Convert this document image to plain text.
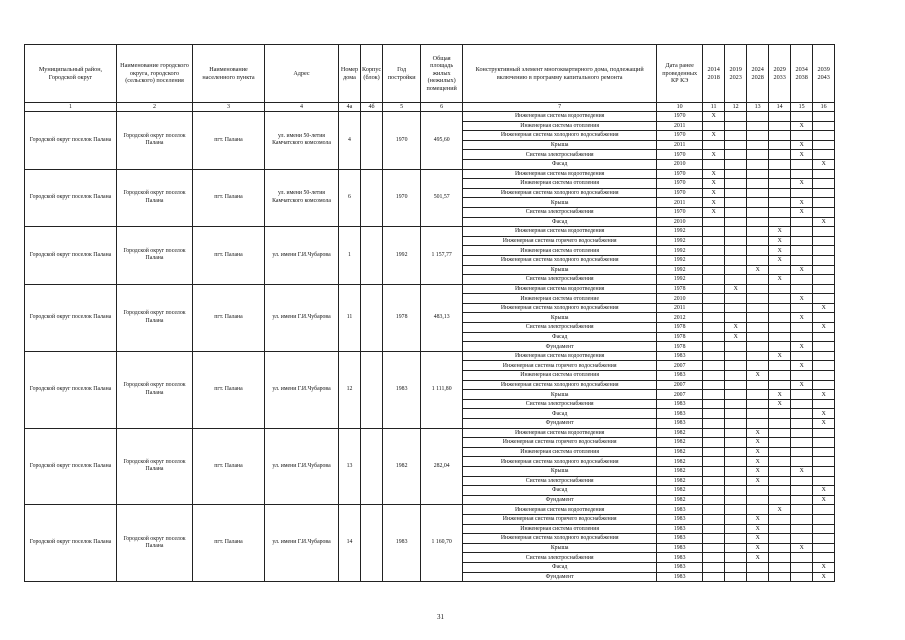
Муниципальный район, Городской округ	Наименование городского округа, городского (сельского) поселения	Наименование населенного пункта	Адрес	Номер дома	Корпус (блок)	Год постройки	Общая площадь жилых (нежилых) помещений	Конструктивный элемент многоквартирного дома, подлежащий включению в программу капитального ремонта	Дата ранее проведенных КР КЭ	2014 2018	2019 2023	2024 2028	2029 2033	2034 2038	2039 2043
1	2	3	4	4а	4б	5	6	7	10	11	12	13	14	15	16
Городской округ поселок Палана	Городской округ поселок Палана	пгт. Палана	ул. имени 50-летия Камчатского комсомола	4		1970	495,60	Инженерная система водоотведения	1970	X					
								Инженерная система отопления	2011					X	
								Инженерная система холодного водоснабжения	1970	X					
								Крыша	2011					X	
								Система электроснабжения	1970	X				X	
								Фасад	2010						X
Городской округ поселок Палана	Городской округ поселок Палана	пгт. Палана	ул. имени 50-летия Камчатского комсомола	6		1970	501,57	Инженерная система водоотведения	1970	X					
								Инженерная система отопления	1970	X				X	
								Инженерная система холодного водоснабжения	1970	X					
								Крыша	2011	X				X	
								Система электроснабжения	1970	X				X	
								Фасад	2010						X
Городской округ поселок Палана	Городской округ поселок Палана	пгт. Палана	ул. имени Г.И.Чубарова	1		1992	1 157,77	Инженерная система водоотведения	1992				X		
								Инженерная система горячего водоснабжения	1992				X		
								Инженерная система отопления	1992				X		
								Инженерная система холодного водоснабжения	1992				X		
								Крыша	1992			X		X	
								Система электроснабжения	1992				X		
Городской округ поселок Палана	Городской округ поселок Палана	пгт. Палана	ул. имени Г.И.Чубарова	11		1978	483,13	Инженерная система водоотведения	1978		X				
								Инженерная система отопление	2010					X	
								Инженерная система холодного водоснабжения	2011						X
								Крыша	2012					X	
								Система электроснабжения	1978		X				X
								Фасад	1978		X				
								Фундамент	1978					X	
Городской округ поселок Палана	Городской округ поселок Палана	пгт. Палана	ул. имени Г.И.Чубарова	12		1983	1 111,80	Инженерная система водоотведения	1983				X		
								Инженерная система горячего водоснабжения	2007					X	
								Инженерная система отопления	1983			X			
								Инженерная система холодного водоснабжения	2007					X	
								Крыша	2007				X		X
								Система электроснабжения	1983				X		
								Фасад	1983						X
								Фундамент	1983						X
Городской округ поселок Палана	Городской округ поселок Палана	пгт. Палана	ул. имени Г.И.Чубарова	13		1982	282,04	Инженерная система водоотведения	1982			X			
								Инженерная система горячего водоснабжения	1982			X			
								Инженерная система отопления	1982			X			
								Инженерная система холодного водоснабжения	1982			X			
								Крыша	1982			X		X	
								Система электроснабжения	1982			X			
								Фасад	1982						X
								Фундамент	1982						X
Городской округ поселок Палана	Городской округ поселок Палана	пгт. Палана	ул. имени Г.И.Чубарова	14		1983	1 160,70	Инженерная система водоотведения	1983				X		
								Инженерная система горячего водоснабжения	1983			X			
								Инженерная система отопления	1983			X			
								Инженерная система холодного водоснабжения	1983			X			
								Крыша	1983			X		X	
								Система электроснабжения	1983			X			
								Фасад	1983						X
								Фундамент	1983						X
31
